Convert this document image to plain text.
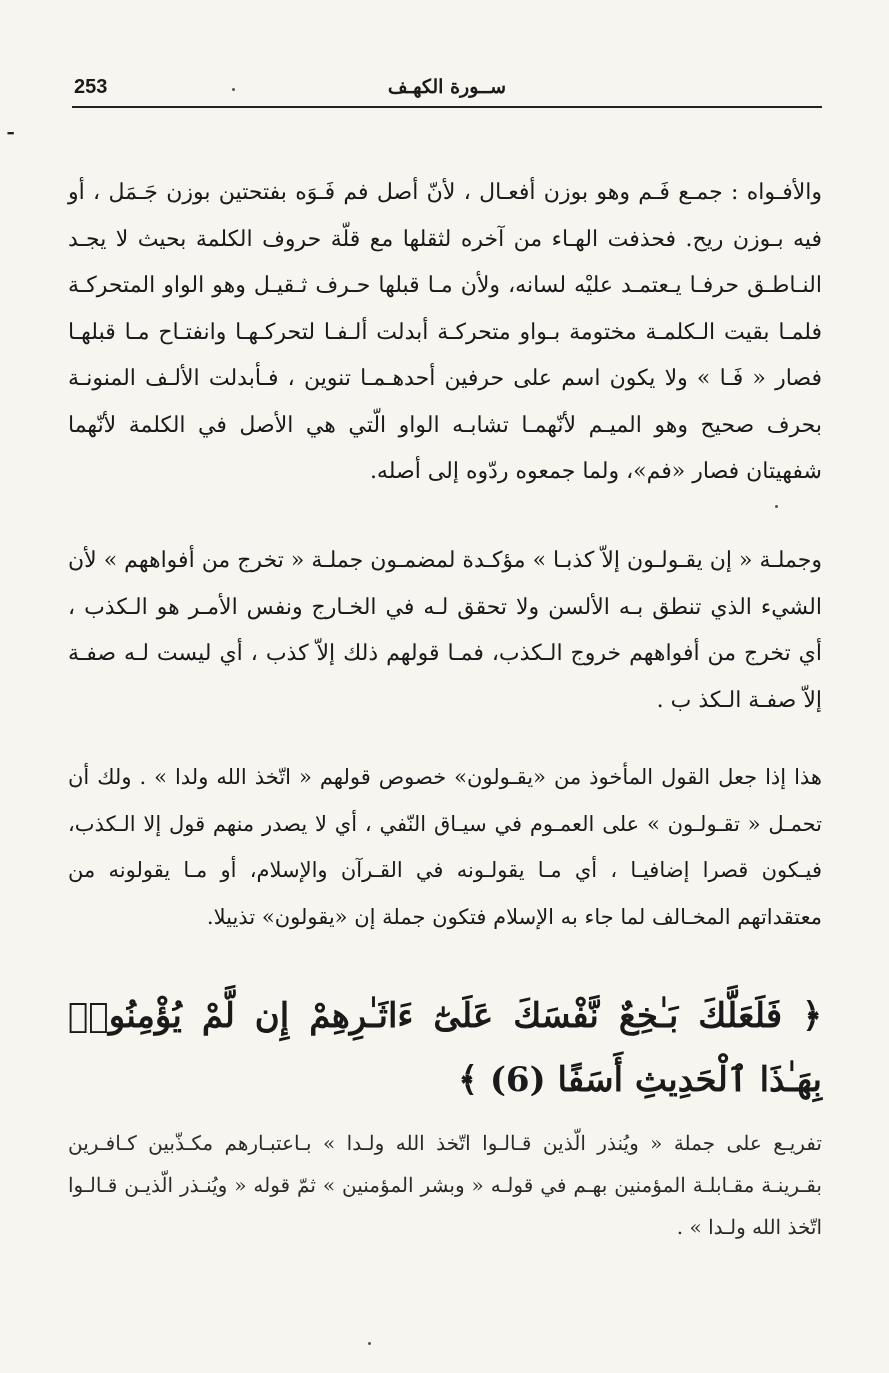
253	ســورة الكهـف
ـ

والأفـواه : جمـع فَـم وهو بوزن أفعـال ، لأنّ أصل فم فَـوَه بفتحتين بوزن جَـمَل ، أو فيه بـوزن ريح. فحذفت الهـاء من آخره لثقلها مع قلّة حروف الكلمة بحيث لا يجـد النـاطـق حرفـا يـعتمـد عليْه لسانه، ولأن مـا قبلها حـرف ثـقيـل وهو الواو المتحركـة فلمـا بقيت الـكلمـة مختومة بـواو متحركـة أبدلت ألـفـا لتحركـهـا وانفتـاح مـا قبلهـا فصار « فَـا » ولا يكون اسم على حرفين أحدهـمـا تنوين ، فـأبدلت الألـف المنونـة بحرف صحيح وهو الميـم لأنّهمـا تشابـه الواو الّتي هي الأصل في الكلمة لأنّهما شفهيتان فصار «فم»، ولما جمعوه ردّوه إلى أصله.

وجملـة « إن يقـولـون إلاّ كذبـا » مؤكـدة لمضمـون جملـة « تخرج من أفواههم » لأن الشيء الذي تنطق بـه الألسن ولا تحقق لـه في الخـارج ونفس الأمـر هو الـكذب ، أي تخرج من أفواههم خروج الـكذب، فمـا قولهم ذلك إلاّ كذب ، أي ليست لـه صفـة إلاّ صفـة الـكذ ب .

هذا إذا جعل القول المأخوذ من «يقـولون» خصوص قولهم « اتّخذ الله ولدا » . ولك أن تحمـل « تقـولـون » على العمـوم في سيـاق النّفي ، أي لا يصدر منهم قول إلا الـكذب، فيـكون قصرا إضافيـا ، أي مـا يقولـونه في القـرآن والإسلام، أو مـا يقولونه من معتقداتهم المخـالف لما جاء به الإسلام فتكون جملة إن «يقولون» تذييلا.

﴿ فَلَعَلَّكَ بَـٰخِعٌ نَّفْسَكَ عَلَىٰٓ ءَاثَـٰرِهِمْ إِن لَّمْ يُؤْمِنُوا۟ بِهَـٰذَا ٱلْحَدِيثِ أَسَفًا (6) ﴾

تفريـع على جملة « ويُنذر الّذين قـالـوا اتّخذ الله ولـدا » بـاعتبـارهم مكـذّبين كـافـرين بقـرينـة مقـابلـة المؤمنين بهـم في قولـه « وبشر المؤمنين » ثمّ قوله « ويُنـذر الّذيـن قـالـوا اتّخذ الله ولـدا » .
